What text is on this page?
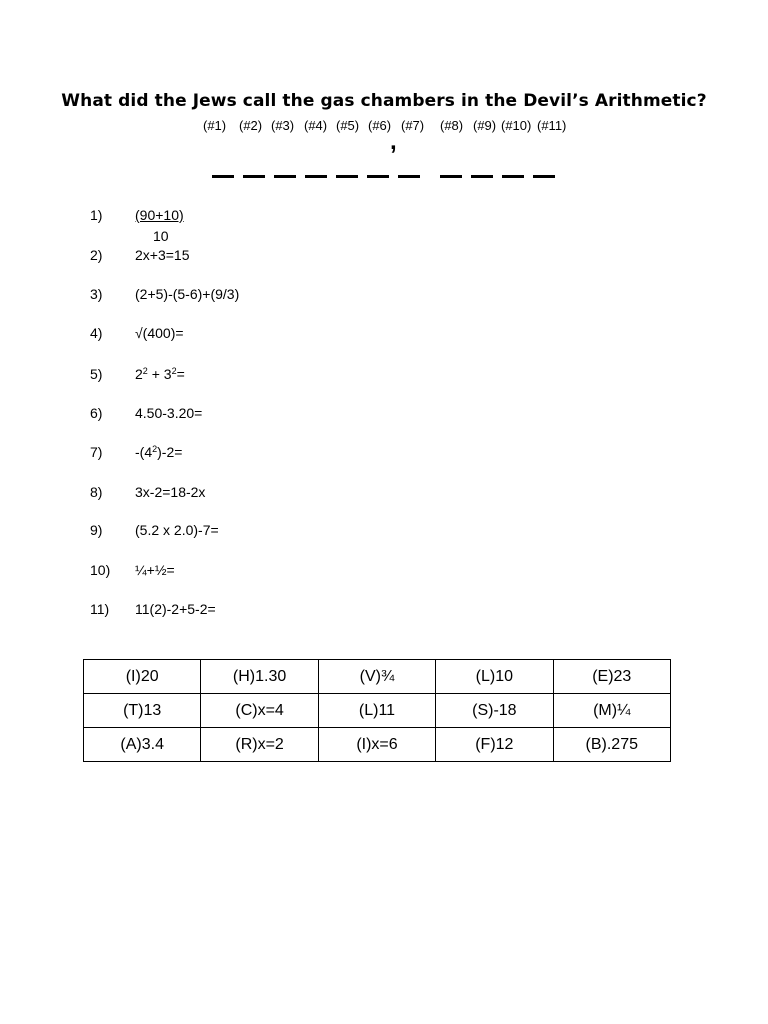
What did the Jews call the gas chambers in the Devil’s Arithmetic?
(#1) (#2) (#3) (#4) (#5) (#6) (#7) (#8) (#9) (#10) (#11)
,
1) (90+10)
10
2) 2x+3=15
3) (2+5)-(5-6)+(9/3)
4) √(400)=
5) $2^2 + 3^2=$
6) 4.50-3.20=
7) $-(4^2)-2=$
8) 3x-2=18-2x
9) (5.2 x 2.0)-7=
10) ¼+½=
11) 11(2)-2+5-2=
(I)20	(H)1.30	(V)¾	(L)10	(E)23
(T)13	(C)x=4	(L)11	(S)-18	(M)¼
(A)3.4	(R)x=2	(I)x=6	(F)12	(B).275
